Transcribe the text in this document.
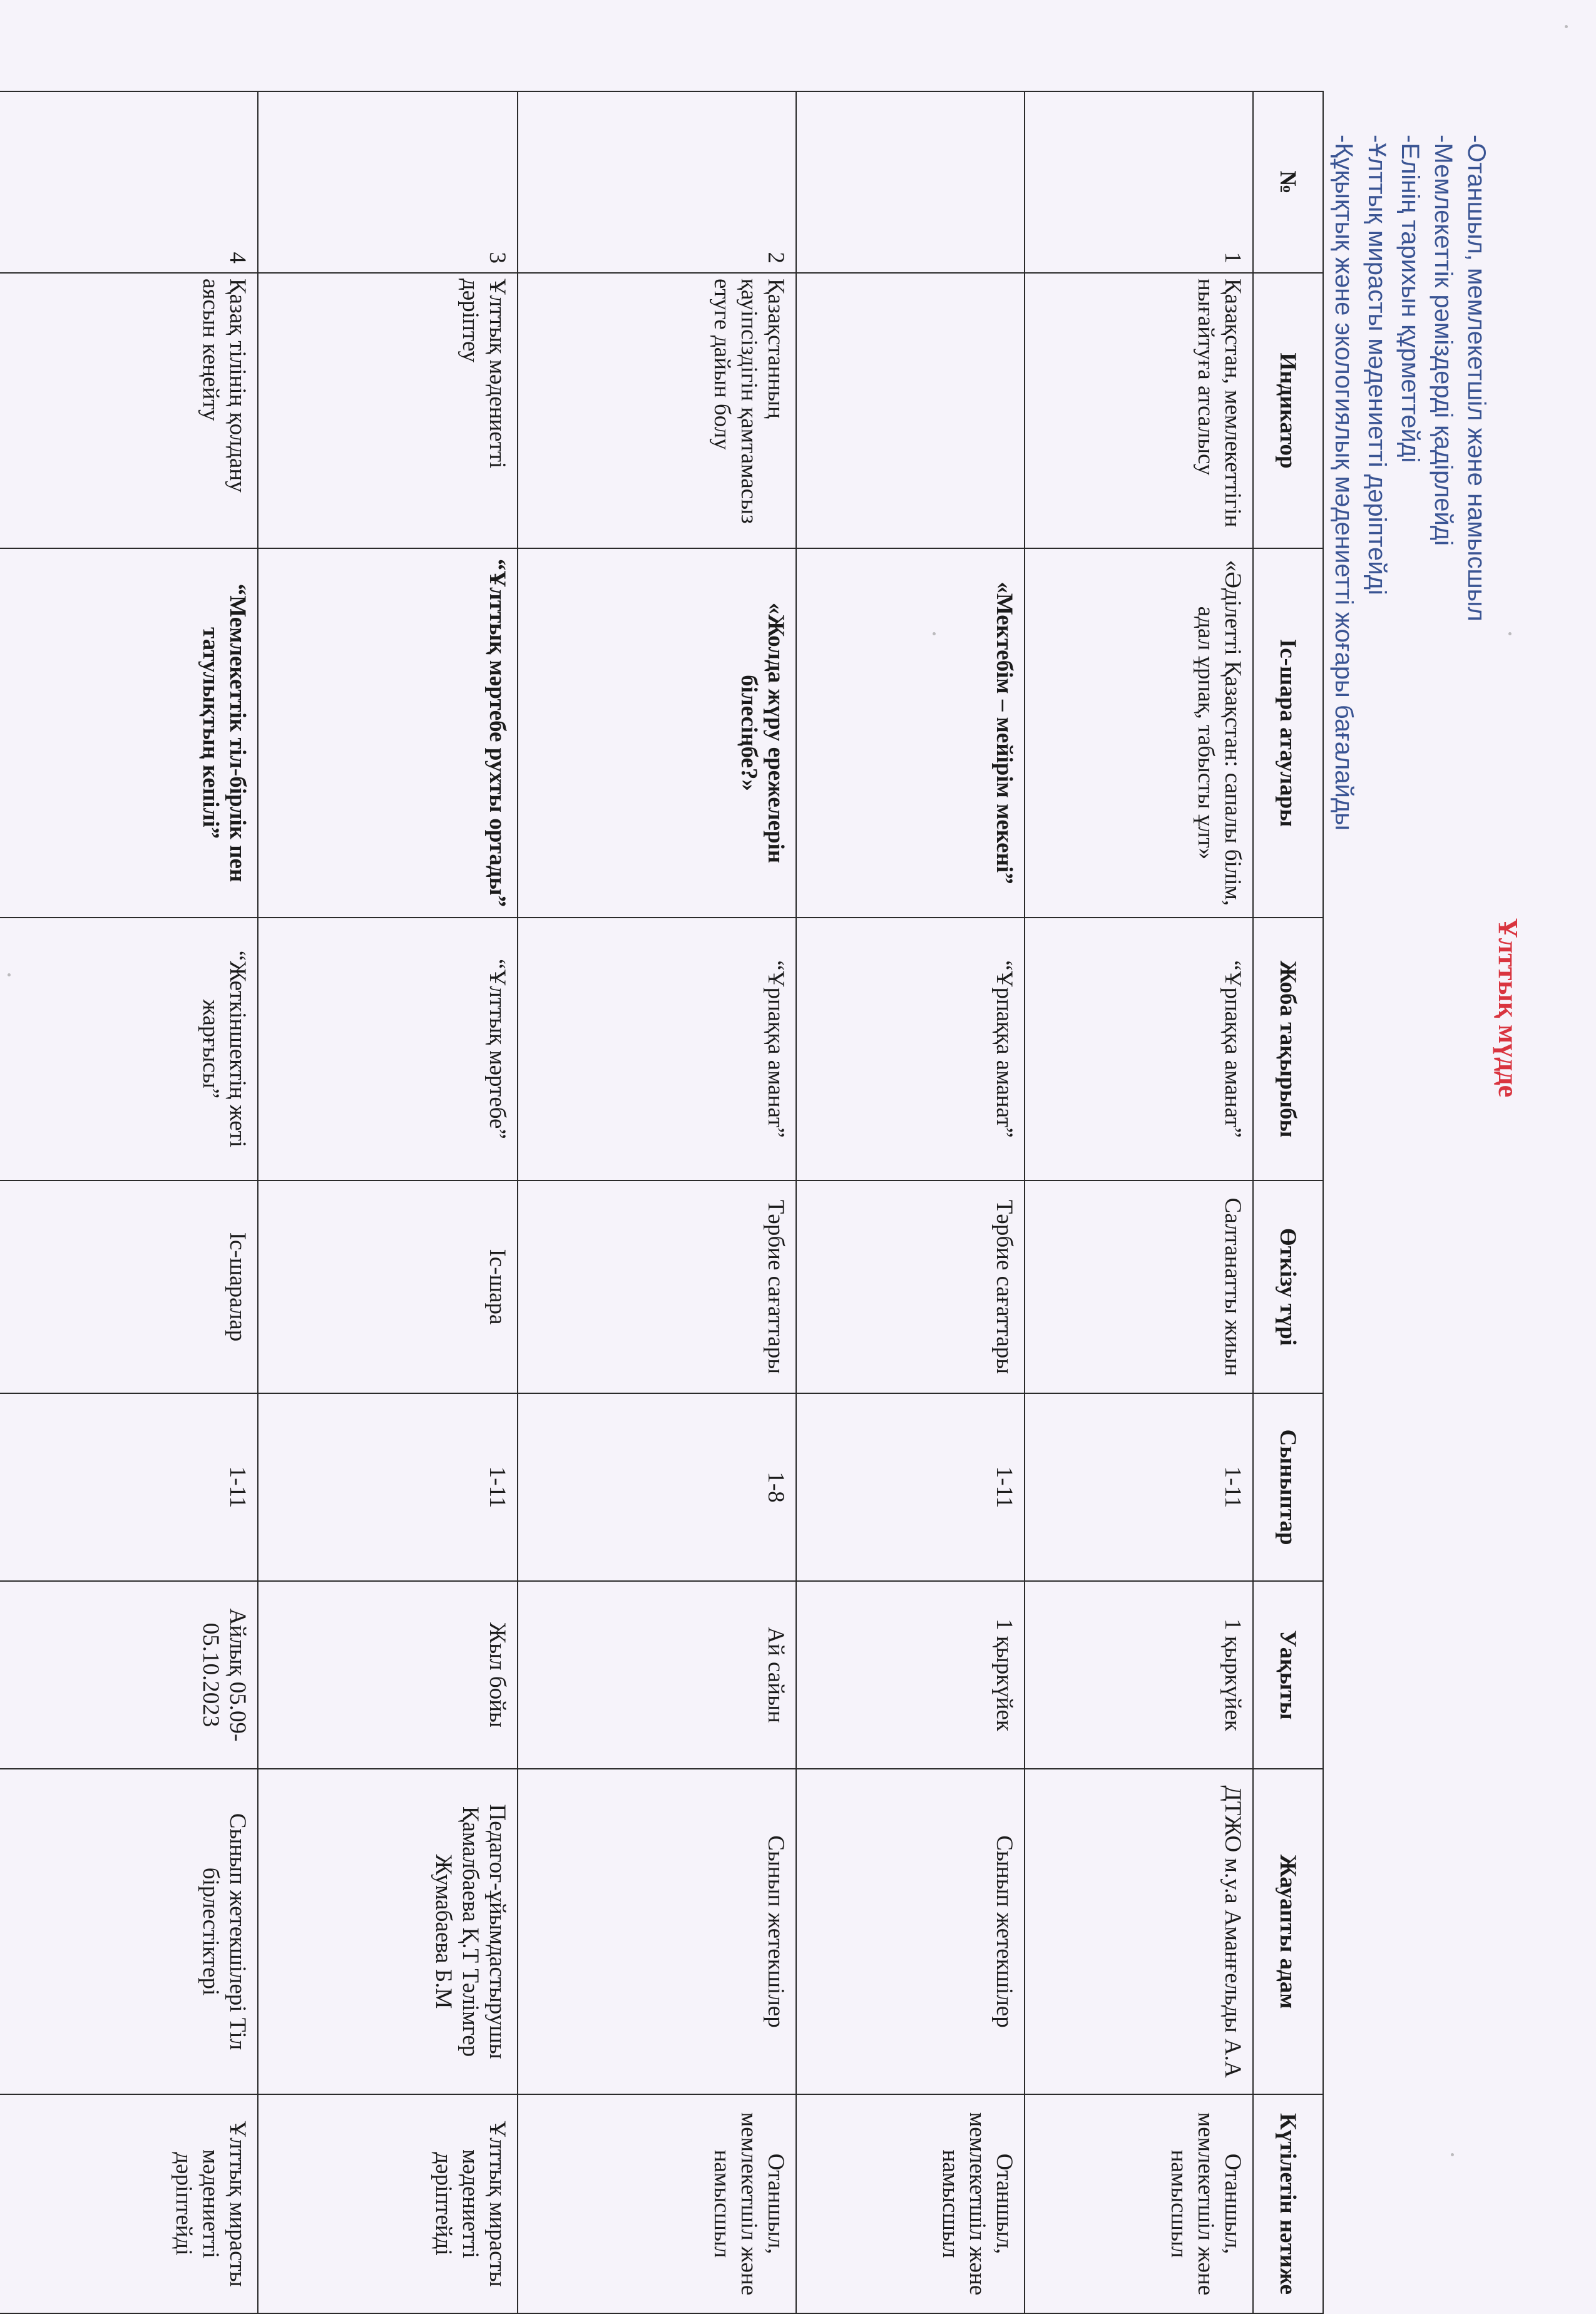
Ұлттық мүдде
-Отаншыл, мемлекетшіл және намысшыл
-Мемлекеттік рәміздерді қадірлейді
-Елінің тарихын құрметтейді
-Ұлттық мирасты мәдениетті дәріптейді
-Құқықтық және экологиялық мәдениетті жоғары бағалайды
№	Индикатор	Іс-шара атаулары	Жоба тақырыбы	Өткізу түрі	Сыныптар	Уақыты	Жауапты адам	Күтілетін нәтиже
1	Қазақстан, мемлекеттігін нығайтуға атсалысу	«Әділетті Қазақстан: сапалы білім, адал ұрпақ, табысты ұлт»	“Ұрпаққа аманат”	Салтанатты жиын	1-11	1 қыркүйек	ДТЖО м.у.а Аманғельды А.А	Отаншыл, мемлекетшіл және намысшыл
		«Мектебім – мейірім мекені”	“Ұрпаққа аманат”	Тәрбие сағаттары	1-11	1 қыркүйек	Сынып жетекшілер	Отаншыл, мемлекетшіл және намысшыл
2	Қазақстанның қауіпсіздігін қамтамасыз етуге дайын болу	«Жолда жүру ережелерін білесіңбе?»	“Ұрпаққа аманат”	Тәрбие сағаттары	1-8	Ай сайын	Сынып жетекшілер	Отаншыл, мемлекетшіл және намысшыл
3	Ұлттық мәдениетті дәріптеу	“Ұлттық мәртебе рухты ортады”	“Ұлттық мәртебе”	Іс-шара	1-11	Жыл бойы	Педагог-ұйымдастырушы Қамалбаева Қ.Т Тәлімгер Жумабаева Б.М	Ұлттық мирасты мәдениетті дәріптейді
4	Қазақ тілінің қолдану аясын кеңейту	“Мемлекеттік тіл-бірлік пен татулықтың кепілі”	“Жеткіншектің жеті жарғысы”	Іс-шаралар	1-11	Айлық 05.09-05.10.2023	Сынып жетекшілері Тіл бірлестіктері	Ұлттық мирасты мәдениетті дәріптейді
